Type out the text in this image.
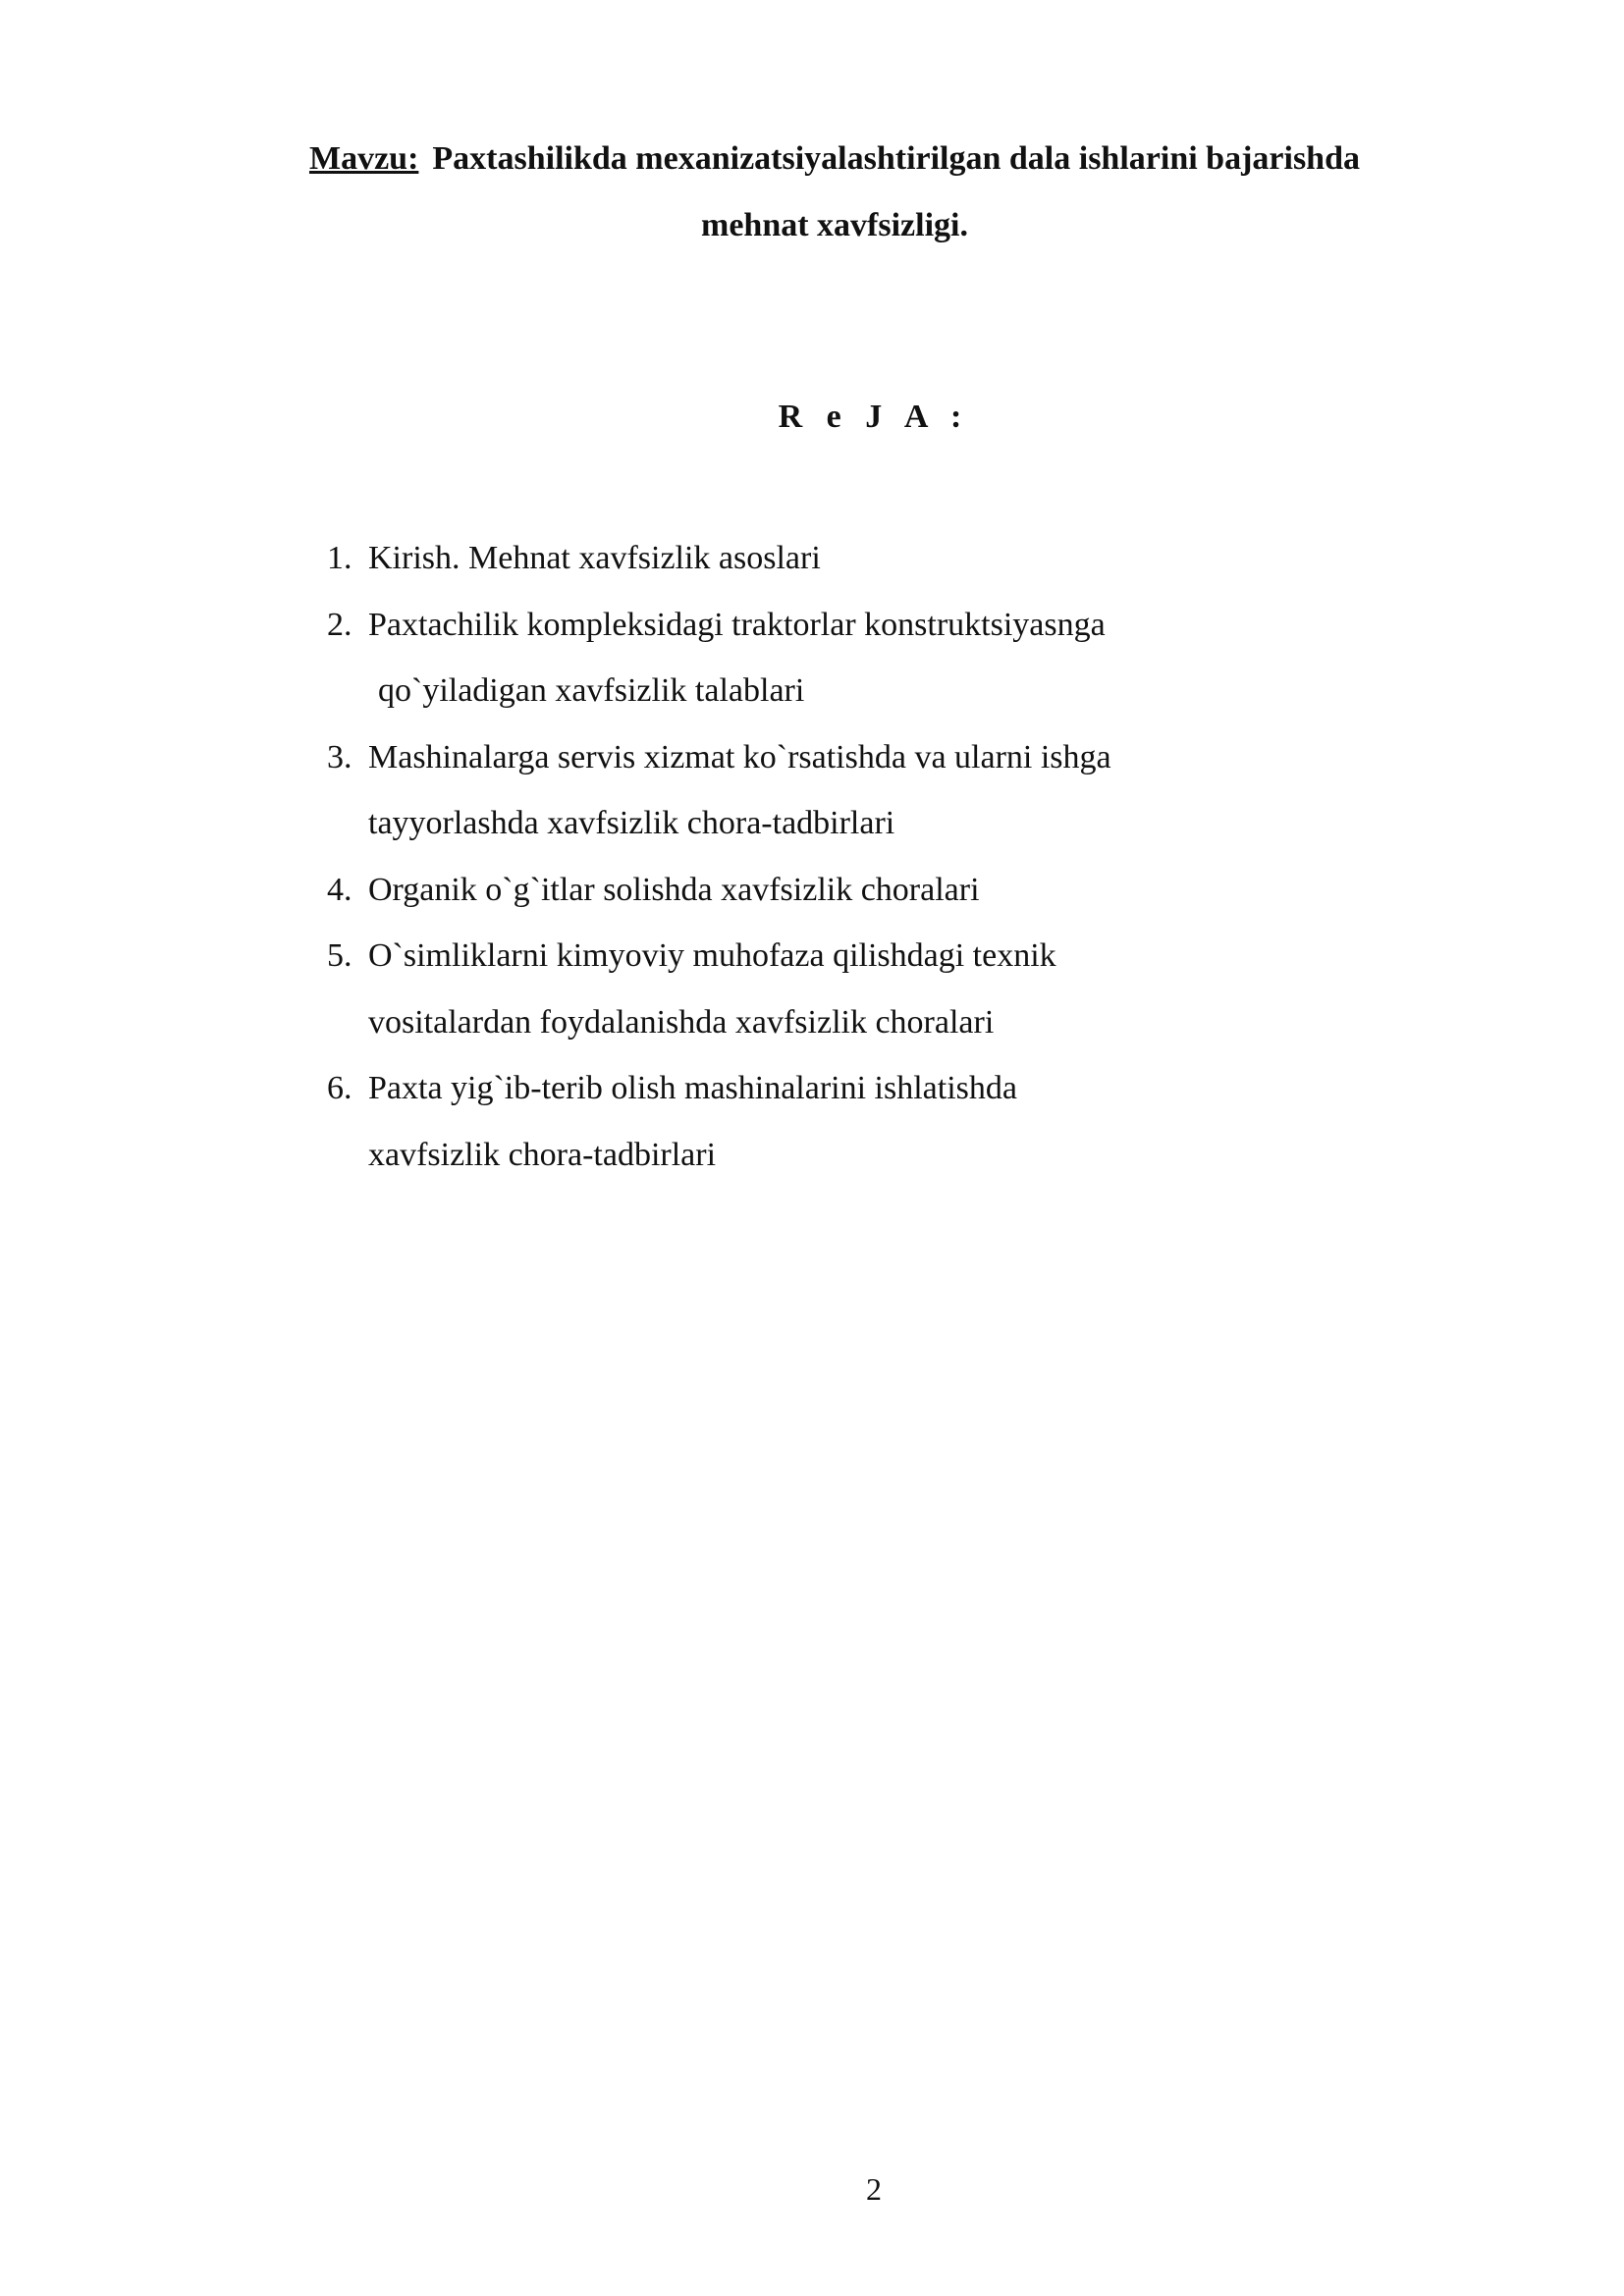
Mavzu: Paxtashilikda mexanizatsiyalashtirilgan dala ishlarini bajarishda
mehnat xavfsizligi.
R e J A :
1. Kirish. Mehnat xavfsizlik asoslari
2. Paxtachilik kompleksidagi traktorlar konstruktsiyasnga
qo`yiladigan xavfsizlik talablari
3. Mashinalarga servis xizmat ko`rsatishda va ularni ishga
tayyorlashda xavfsizlik chora-tadbirlari
4. Organik o`g`itlar solishda xavfsizlik choralari
5. O`simliklarni kimyoviy muhofaza qilishdagi texnik
vositalardan foydalanishda xavfsizlik choralari
6. Paxta yig`ib-terib olish mashinalarini ishlatishda
xavfsizlik chora-tadbirlari
2
